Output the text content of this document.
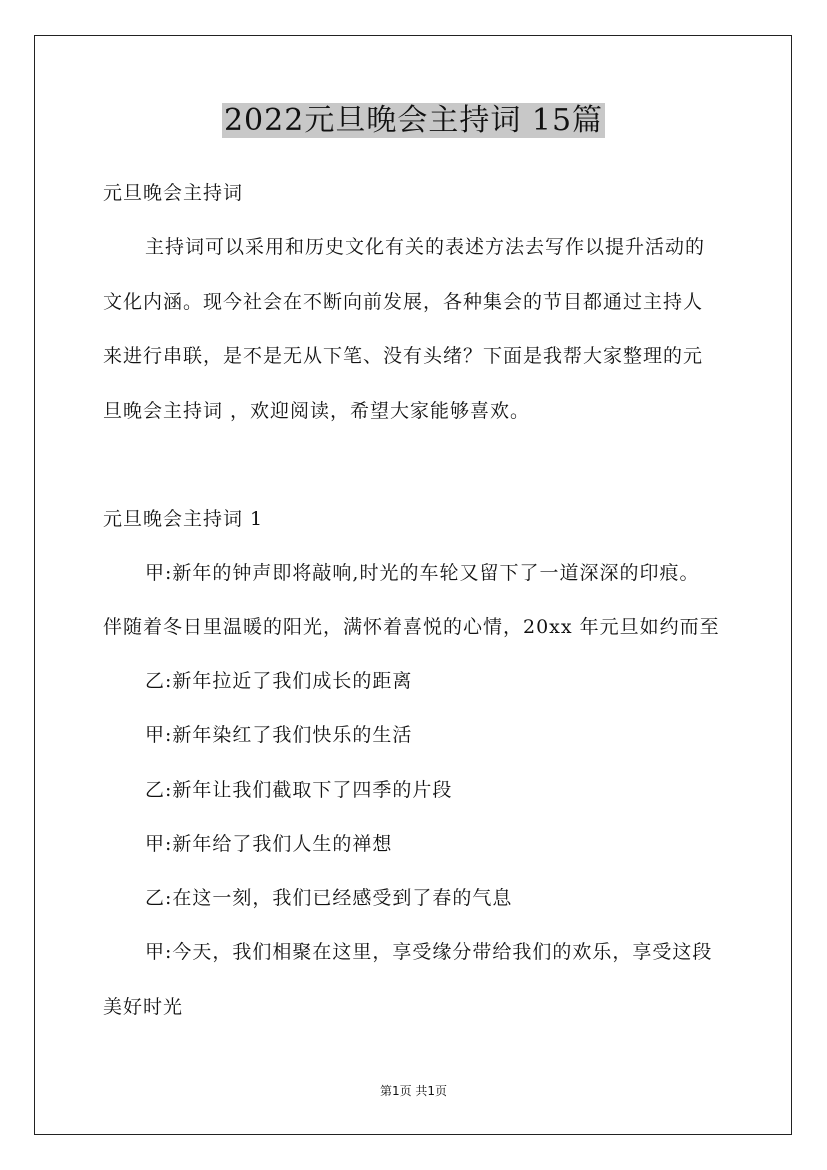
2022元旦晚会主持词 15篇
元旦晚会主持词
主持词可以采用和历史文化有关的表述方法去写作以提升活动的
文化内涵。现今社会在不断向前发展，各种集会的节目都通过主持人
来进行串联，是不是无从下笔、没有头绪？下面是我帮大家整理的元
旦晚会主持词 ，欢迎阅读，希望大家能够喜欢。
元旦晚会主持词 1
甲:新年的钟声即将敲响,时光的车轮又留下了一道深深的印痕。
伴随着冬日里温暖的阳光，满怀着喜悦的心情，20xx 年元旦如约而至
乙:新年拉近了我们成长的距离
甲:新年染红了我们快乐的生活
乙:新年让我们截取下了四季的片段
甲:新年给了我们人生的禅想
乙:在这一刻，我们已经感受到了春的气息
甲:今天，我们相聚在这里，享受缘分带给我们的欢乐，享受这段
美好时光
第1页 共1页
